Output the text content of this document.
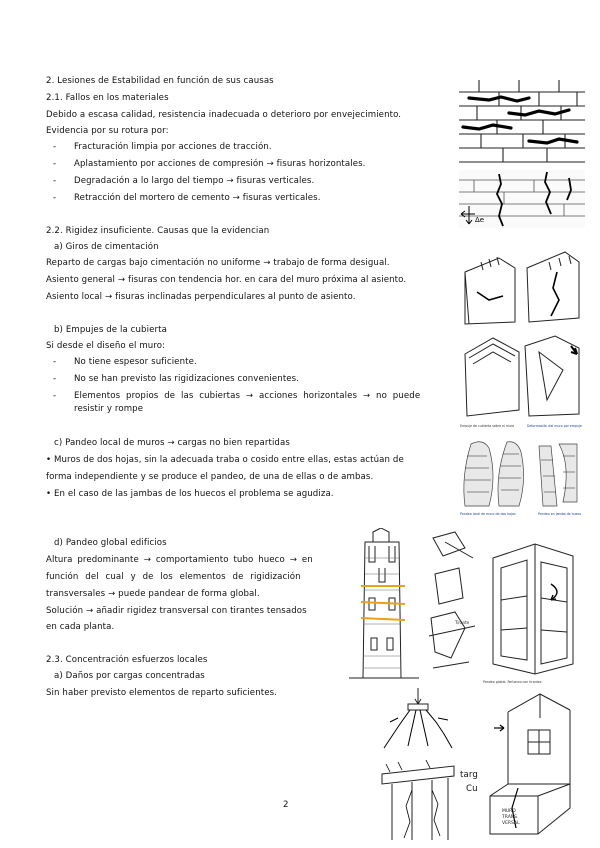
2. Lesiones de Estabilidad en función de sus causas
2.1. Fallos en los materiales
Debido a escasa calidad, resistencia inadecuada o deterioro por envejecimiento.
Evidencia por su rotura por:
- Fracturación limpia por acciones de tracción.
- Aplastamiento por acciones de compresión → fisuras horizontales.
- Degradación a lo largo del tiempo → fisuras verticales.
- Retracción del mortero de cemento → fisuras verticales.
2.2. Rigidez insuficiente. Causas que la evidencian
a) Giros de cimentación
Reparto de cargas bajo cimentación no uniforme → trabajo de forma desigual.
Asiento general → fisuras con tendencia hor. en cara del muro próxima al asiento.
Asiento local → fisuras inclinadas perpendiculares al punto de asiento.
b) Empujes de la cubierta
Si desde el diseño el muro:
- No tiene espesor suficiente.
- No se han previsto las rigidizaciones convenientes.
- Elementos propios de las cubiertas → acciones horizontales → no puede
resistir y rompe
c) Pandeo local de muros → cargas no bien repartidas
• Muros de dos hojas, sin la adecuada traba o cosido entre ellas, estas actúan de
forma independiente y se produce el pandeo, de una de ellas o de ambas.
• En el caso de las jambas de los huecos el problema se agudiza.
d) Pandeo global edificios
Altura predominante → comportamiento tubo hueco → en
función del cual y de los elementos de rigidización
transversales → puede pandear de forma global.
Solución → añadir rigidez transversal con tirantes tensados
en cada planta.
2.3. Concentración esfuerzos locales
a) Daños por cargas concentradas
Sin haber previsto elementos de reparto suficientes.
Δe
Empuje de cubierta sobre el muro	Deformación del muro por empuje
Pandeo local de muro de dos hojas	Pandeo en jamba de hueco
Tirante
Pandeo global. Refuerzo con tirantes
targ
Cu
MURO
TRANS
VERSAL
2
